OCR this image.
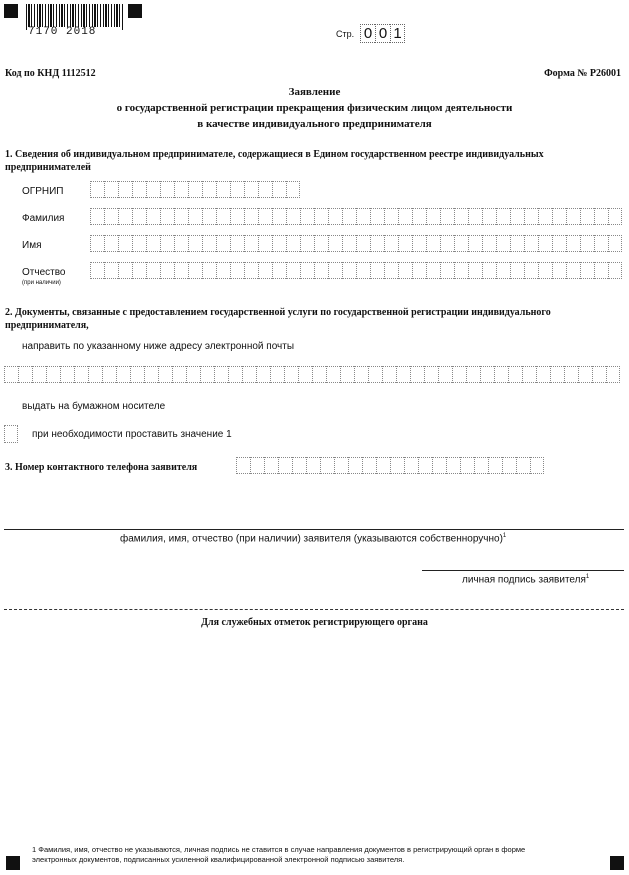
7170 2018	Стр. 0 0 1
Код по КНД 1112512	Форма № Р26001
Заявление
о государственной регистрации прекращения физическим лицом деятельности
в качестве индивидуального предпринимателя
1. Сведения об индивидуальном предпринимателе, содержащиеся в Едином государственном реестре индивидуальных предпринимателей
ОГРНИП
Фамилия
Имя
Отчество
(при наличии)
2. Документы, связанные с предоставлением государственной услуги по государственной регистрации индивидуального предпринимателя,
направить по указанному ниже адресу электронной почты
выдать на бумажном носителе
при необходимости проставить значение 1
3. Номер контактного телефона заявителя
фамилия, имя, отчество (при наличии) заявителя (указываются собственноручно)$^1$
личная подпись заявителя$^1$
Для служебных отметок регистрирующего органа
1 Фамилия, имя, отчество не указываются, личная подпись не ставится в случае направления документов в регистрирующий орган в форме электронных документов, подписанных усиленной квалифицированной электронной подписью заявителя.
